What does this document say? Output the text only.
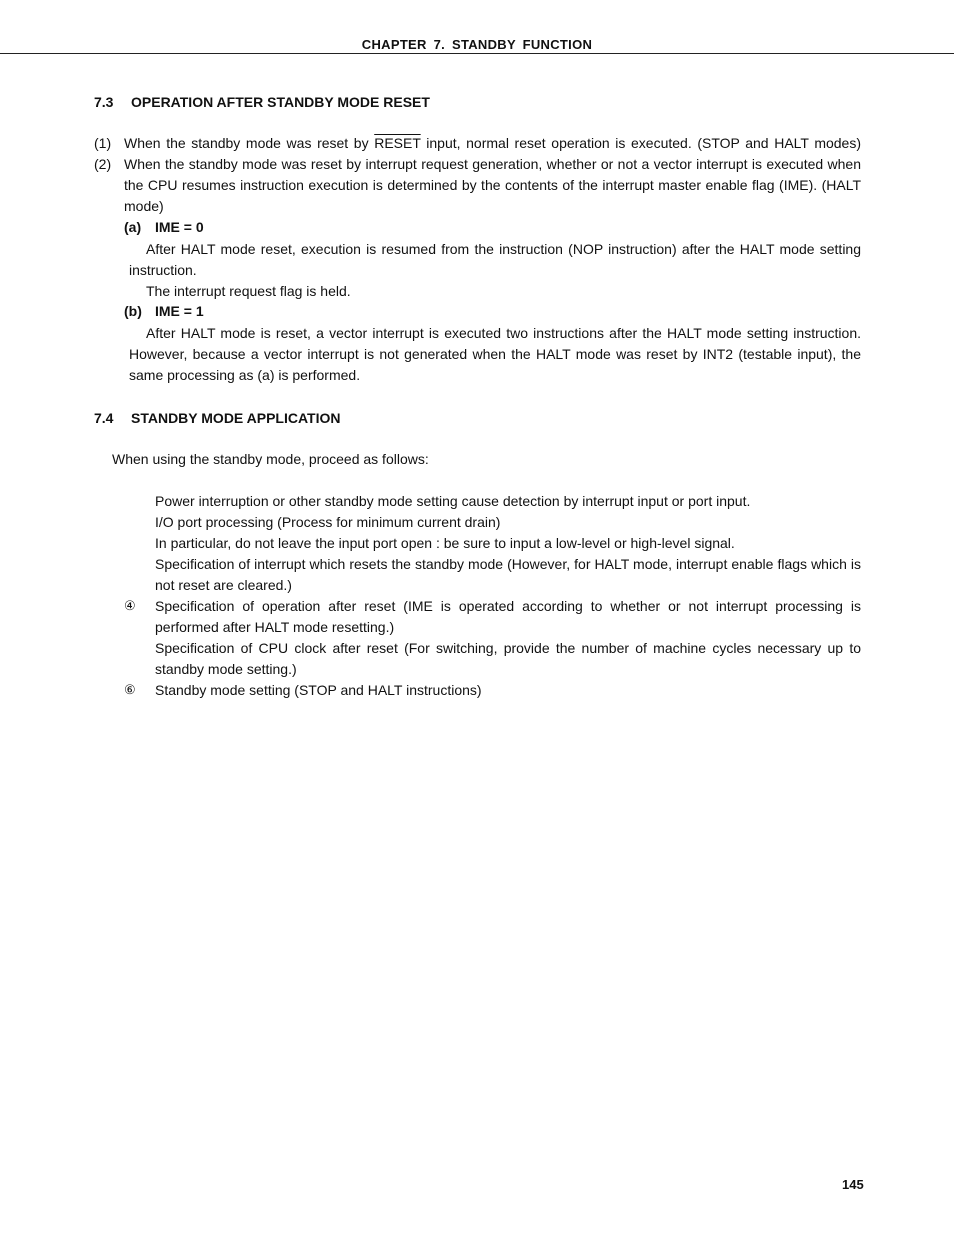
CHAPTER 7. STANDBY FUNCTION
7.3 OPERATION AFTER STANDBY MODE RESET
(1) When the standby mode was reset by RESET input, normal reset operation is executed. (STOP and HALT modes)
(2) When the standby mode was reset by interrupt request generation, whether or not a vector interrupt is executed when the CPU resumes instruction execution is determined by the contents of the interrupt master enable flag (IME). (HALT mode)
(a) IME = 0
After HALT mode reset, execution is resumed from the instruction (NOP instruction) after the HALT mode setting instruction.
The interrupt request flag is held.
(b) IME = 1
After HALT mode is reset, a vector interrupt is executed two instructions after the HALT mode setting instruction. However, because a vector interrupt is not generated when the HALT mode was reset by INT2 (testable input), the same processing as (a) is performed.
7.4 STANDBY MODE APPLICATION
When using the standby mode, proceed as follows:
Power interruption or other standby mode setting cause detection by interrupt input or port input.
I/O port processing (Process for minimum current drain)
In particular, do not leave the input port open : be sure to input a low-level or high-level signal.
Specification of interrupt which resets the standby mode (However, for HALT mode, interrupt enable flags which is not reset are cleared.)
④ Specification of operation after reset (IME is operated according to whether or not interrupt processing is performed after HALT mode resetting.)
Specification of CPU clock after reset (For switching, provide the number of machine cycles necessary up to standby mode setting.)
⑥ Standby mode setting (STOP and HALT instructions)
145
